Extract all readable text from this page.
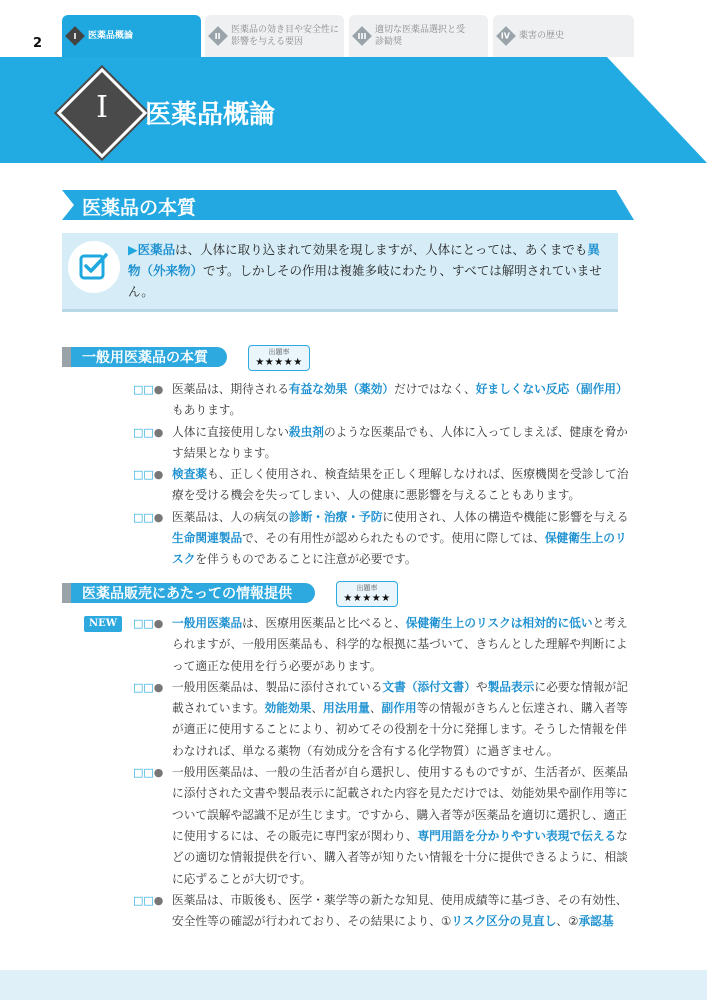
2
I 医薬品概論	II
医薬品の効き目や安全性に影響を与える要因
III
適切な医薬品選択と受診勧奨
IV 薬害の歴史
I	医薬品概論
医薬品の本質
▶医薬品は、人体に取り込まれて効果を現しますが、人体にとっては、あくまでも異物（外来物）です。しかしその作用は複雑多岐にわたり、すべては解明されていません。
一般用医薬品の本質	出題率
★★★★★
□□● 医薬品は、期待される有益な効果（薬効）だけではなく、好ましくない反応（副作用）もあります。
□□● 人体に直接使用しない殺虫剤のような医薬品でも、人体に入ってしまえば、健康を脅かす結果となります。
□□● 検査薬も、正しく使用され、検査結果を正しく理解しなければ、医療機関を受診して治療を受ける機会を失ってしまい、人の健康に悪影響を与えることもあります。
□□● 医薬品は、人の病気の診断・治療・予防に使用され、人体の構造や機能に影響を与える生命関連製品で、その有用性が認められたものです。使用に際しては、保健衛生上のリスクを伴うものであることに注意が必要です。
医薬品販売にあたっての情報提供	出題率
★★★★★
NEW	□□● 一般用医薬品は、医療用医薬品と比べると、保健衛生上のリスクは相対的に低いと考えられますが、一般用医薬品も、科学的な根拠に基づいて、きちんとした理解や判断によって適正な使用を行う必要があります。
□□● 一般用医薬品は、製品に添付されている文書（添付文書）や製品表示に必要な情報が記載されています。効能効果、用法用量、副作用等の情報がきちんと伝達され、購入者等が適正に使用することにより、初めてその役割を十分に発揮します。そうした情報を伴わなければ、単なる薬物（有効成分を含有する化学物質）に過ぎません。
□□● 一般用医薬品は、一般の生活者が自ら選択し、使用するものですが、生活者が、医薬品に添付された文書や製品表示に記載された内容を見ただけでは、効能効果や副作用等について誤解や認識不足が生じます。ですから、購入者等が医薬品を適切に選択し、適正に使用するには、その販売に専門家が関わり、専門用語を分かりやすい表現で伝えるなどの適切な情報提供を行い、購入者等が知りたい情報を十分に提供できるように、相談に応ずることが大切です。
□□● 医薬品は、市販後も、医学・薬学等の新たな知見、使用成績等に基づき、その有効性、安全性等の確認が行われており、その結果により、①リスク区分の見直し、②承認基
